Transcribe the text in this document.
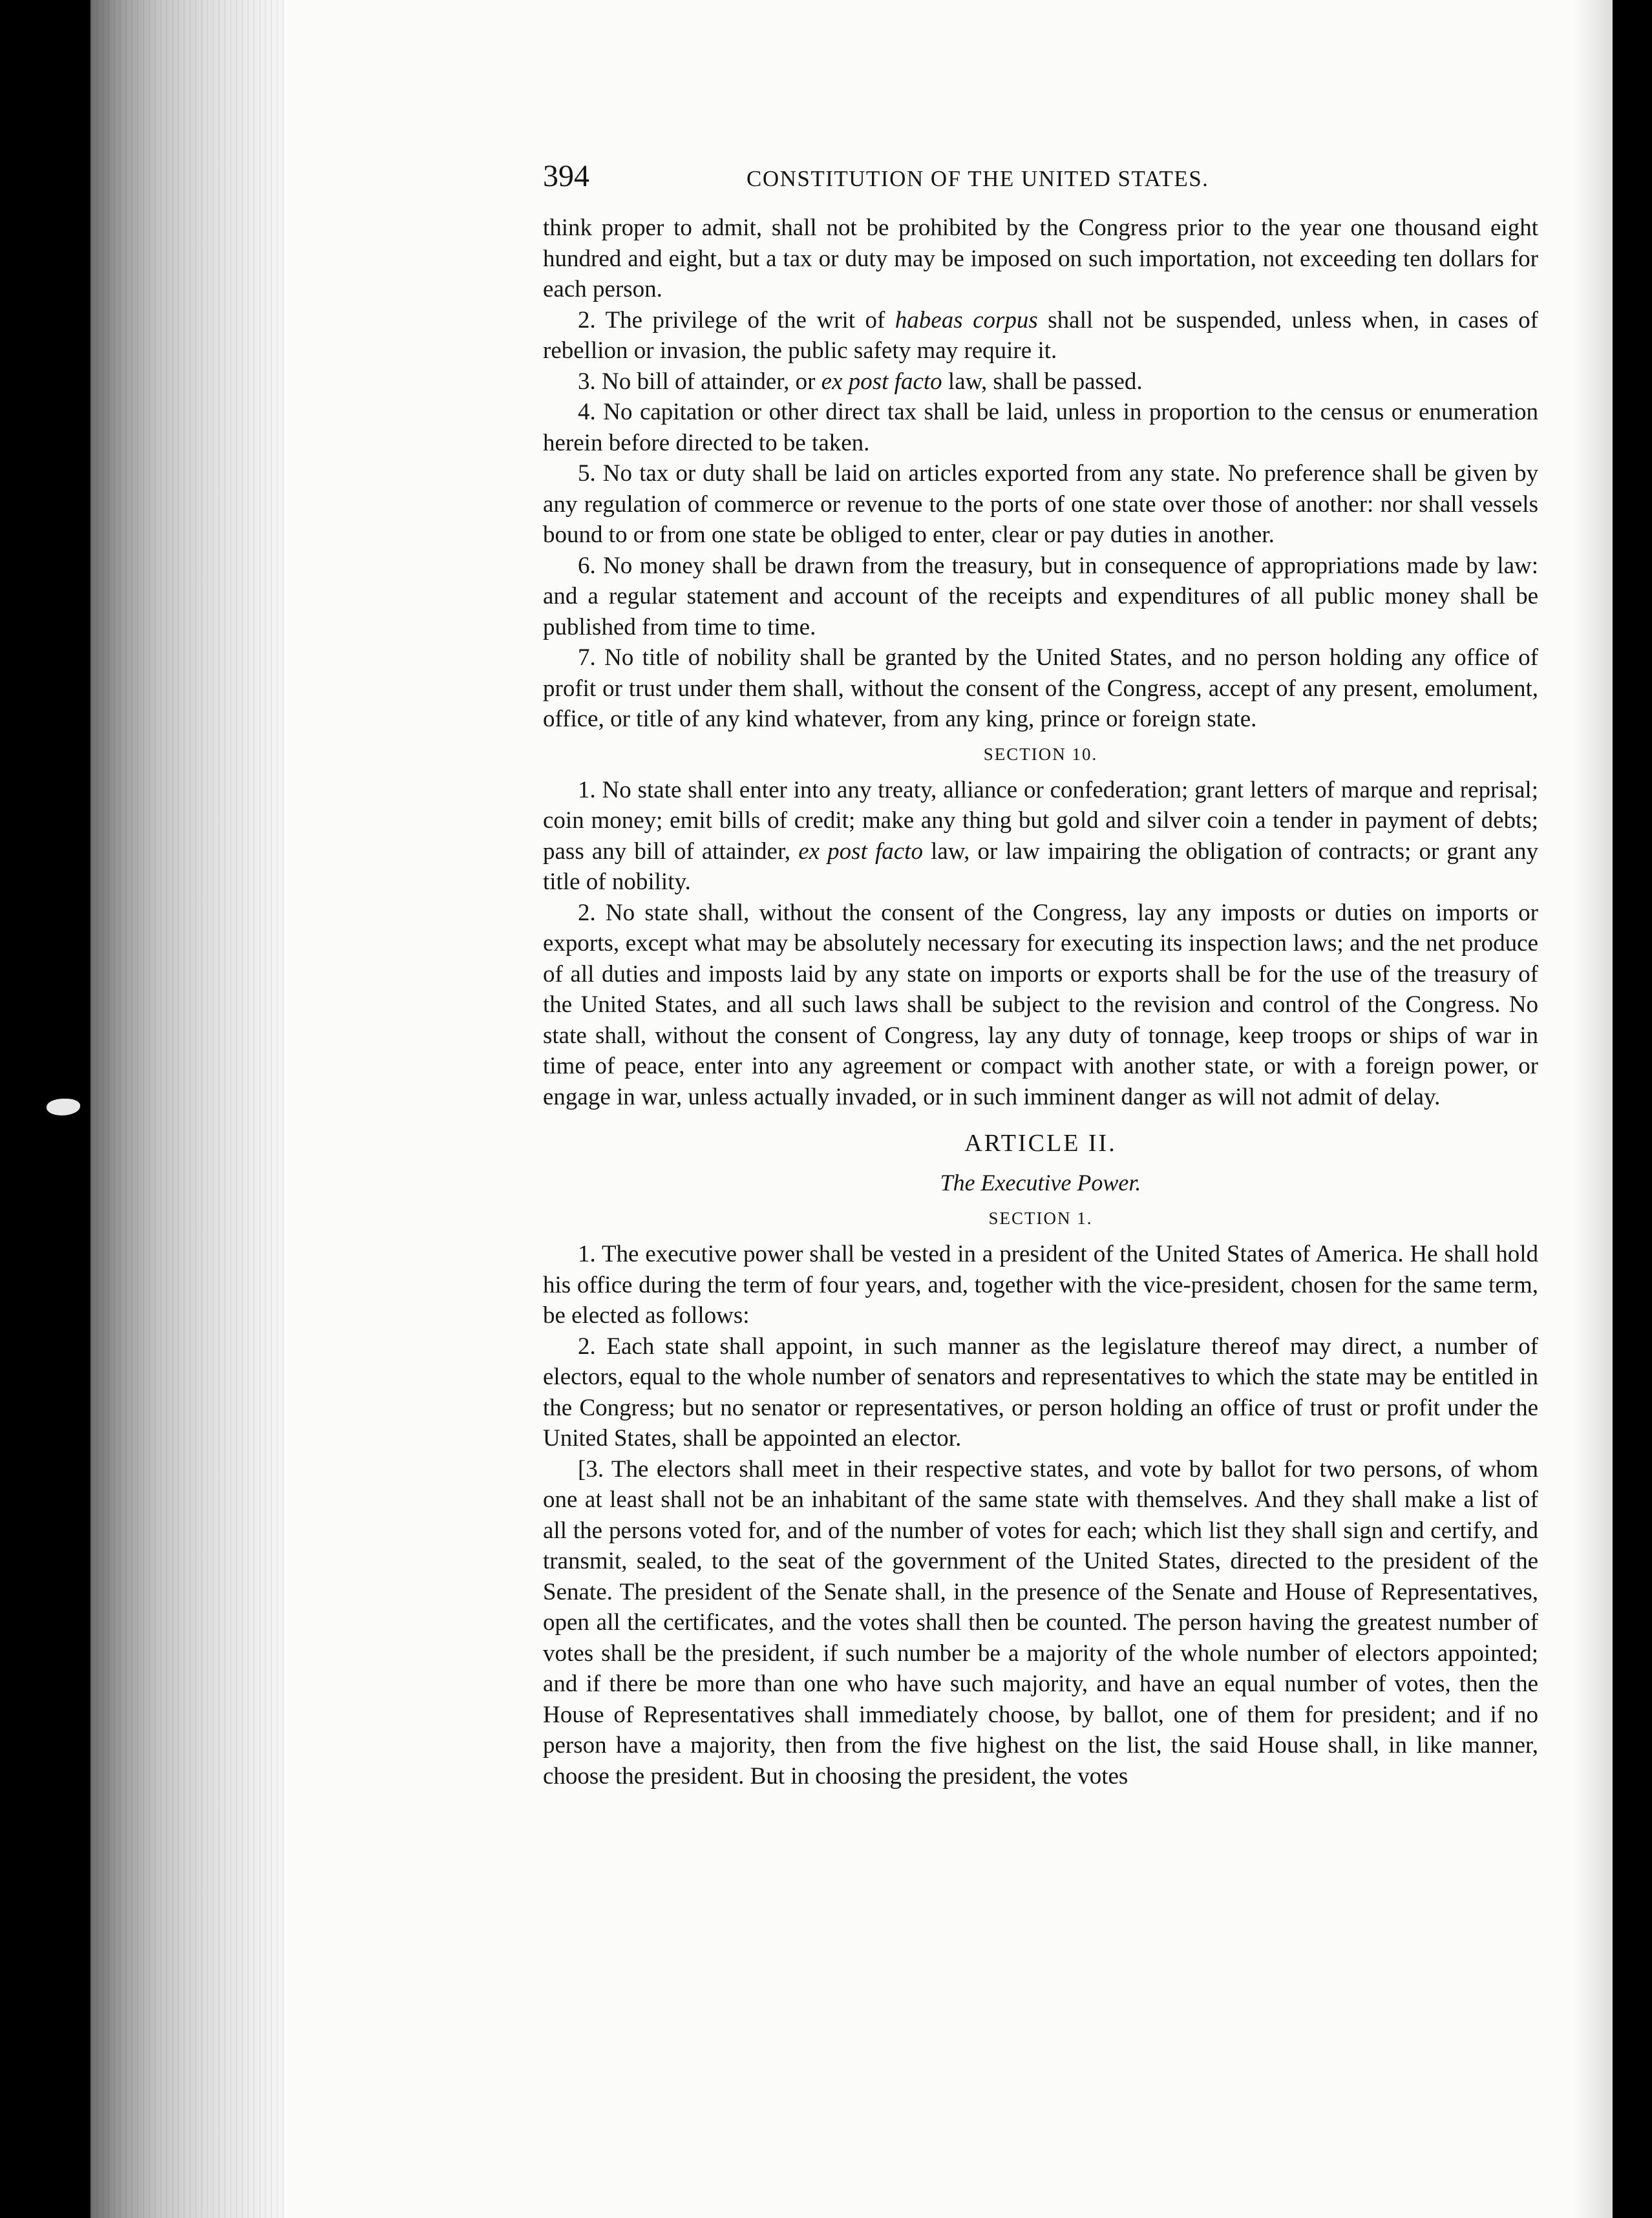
394	CONSTITUTION OF THE UNITED STATES.

think proper to admit, shall not be prohibited by the Congress prior to the year one thousand eight hundred and eight, but a tax or duty may be imposed on such importation, not exceeding ten dollars for each person.

2. The privilege of the writ of habeas corpus shall not be suspended, unless when, in cases of rebellion or invasion, the public safety may require it.

3. No bill of attainder, or ex post facto law, shall be passed.

4. No capitation or other direct tax shall be laid, unless in proportion to the census or enumeration herein before directed to be taken.

5. No tax or duty shall be laid on articles exported from any state. No preference shall be given by any regulation of commerce or revenue to the ports of one state over those of another: nor shall vessels bound to or from one state be obliged to enter, clear or pay duties in another.

6. No money shall be drawn from the treasury, but in consequence of appropriations made by law: and a regular statement and account of the receipts and expenditures of all public money shall be published from time to time.

7. No title of nobility shall be granted by the United States, and no person holding any office of profit or trust under them shall, without the consent of the Congress, accept of any present, emolument, office, or title of any kind whatever, from any king, prince or foreign state.

SECTION 10.

1. No state shall enter into any treaty, alliance or confederation; grant letters of marque and reprisal; coin money; emit bills of credit; make any thing but gold and silver coin a tender in payment of debts; pass any bill of attainder, ex post facto law, or law impairing the obligation of contracts; or grant any title of nobility.

2. No state shall, without the consent of the Congress, lay any imposts or duties on imports or exports, except what may be absolutely necessary for executing its inspection laws; and the net produce of all duties and imposts laid by any state on imports or exports shall be for the use of the treasury of the United States, and all such laws shall be subject to the revision and control of the Congress. No state shall, without the consent of Congress, lay any duty of tonnage, keep troops or ships of war in time of peace, enter into any agreement or compact with another state, or with a foreign power, or engage in war, unless actually invaded, or in such imminent danger as will not admit of delay.

ARTICLE II.
The Executive Power.
SECTION 1.

1. The executive power shall be vested in a president of the United States of America. He shall hold his office during the term of four years, and, together with the vice-president, chosen for the same term, be elected as follows:

2. Each state shall appoint, in such manner as the legislature thereof may direct, a number of electors, equal to the whole number of senators and representatives to which the state may be entitled in the Congress; but no senator or representatives, or person holding an office of trust or profit under the United States, shall be appointed an elector.

[3. The electors shall meet in their respective states, and vote by ballot for two persons, of whom one at least shall not be an inhabitant of the same state with themselves. And they shall make a list of all the persons voted for, and of the number of votes for each; which list they shall sign and certify, and transmit, sealed, to the seat of the government of the United States, directed to the president of the Senate. The president of the Senate shall, in the presence of the Senate and House of Representatives, open all the certificates, and the votes shall then be counted. The person having the greatest number of votes shall be the president, if such number be a majority of the whole number of electors appointed; and if there be more than one who have such majority, and have an equal number of votes, then the House of Representatives shall immediately choose, by ballot, one of them for president; and if no person have a majority, then from the five highest on the list, the said House shall, in like manner, choose the president. But in choosing the president, the votes
